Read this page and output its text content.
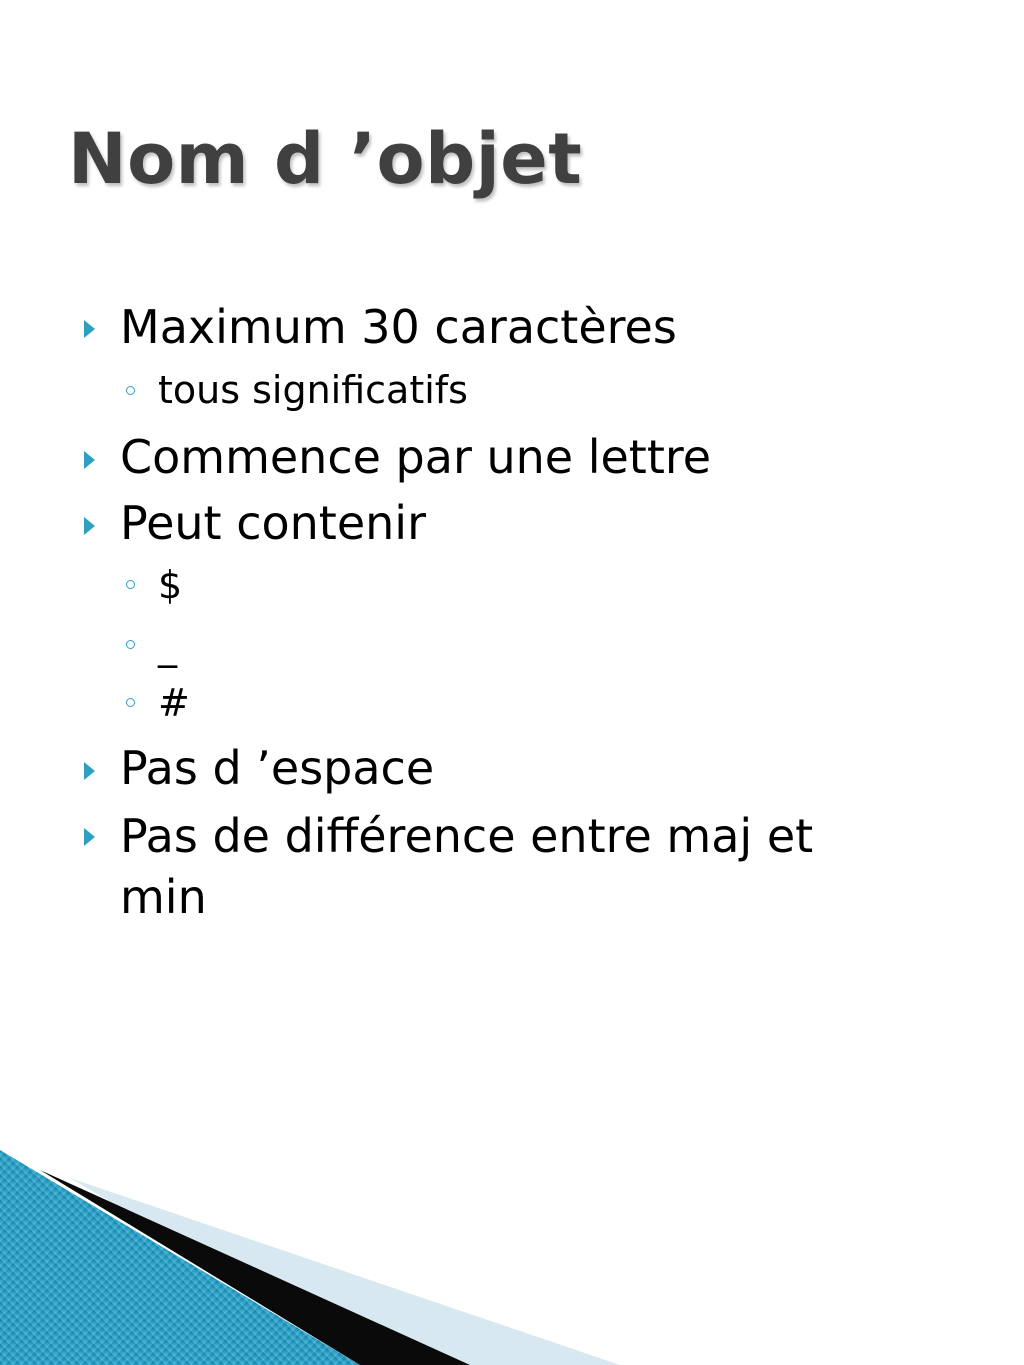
Nom d ’objet
Maximum 30 caractères
tous significatifs
Commence par une lettre
Peut contenir
$
_
#
Pas d ’espace
Pas de différence entre maj et
min
